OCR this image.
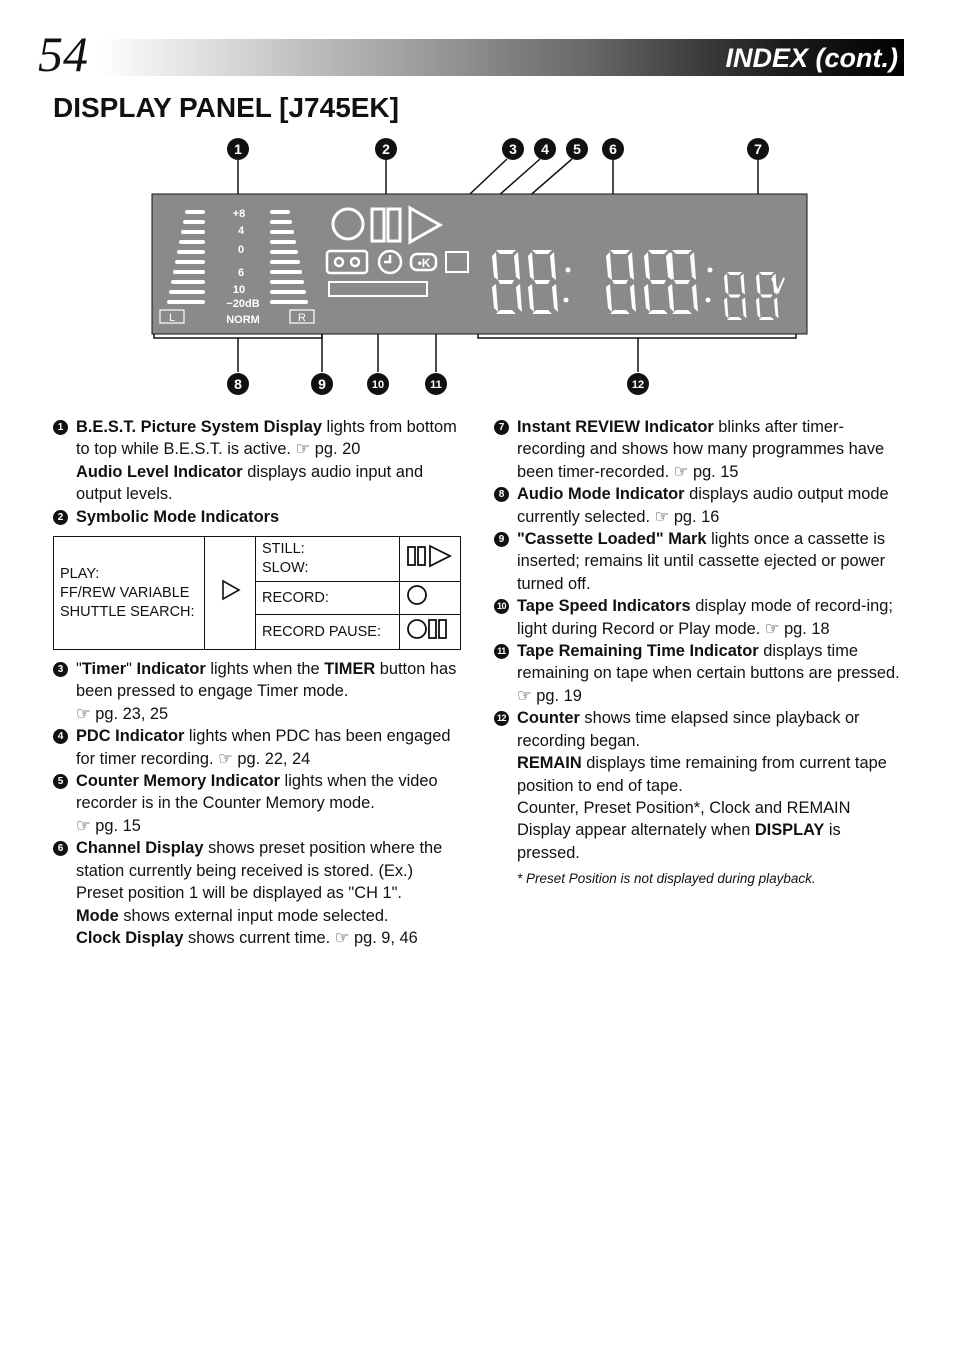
54	INDEX (cont.)
DISPLAY PANEL [J745EK]
1	2	3 4 5 6	7
8	9	10	11	12
+8
4
0
6
10
−20dB
NORM
L	R
•K
1 B.E.S.T. Picture System Display lights from bottom to top while B.E.S.T. is active. ☞ pg. 20
Audio Level Indicator displays audio input and output levels.
2 Symbolic Mode Indicators
PLAY:
FF/REW VARIABLE
SHUTTLE SEARCH:		STILL:
SLOW:

		RECORD:	
		RECORD PAUSE:	
3 "Timer" Indicator lights when the TIMER button has been pressed to engage Timer mode.
☞ pg. 23, 25
4 PDC Indicator lights when PDC has been engaged for timer recording. ☞ pg. 22, 24
5 Counter Memory Indicator lights when the video recorder is in the Counter Memory mode.
☞ pg. 15
6 Channel Display shows preset position where the station currently being received is stored. (Ex.) Preset position 1 will be displayed as "CH 1".
Mode shows external input mode selected.
Clock Display shows current time. ☞ pg. 9, 46
7 Instant REVIEW Indicator blinks after timer-recording and shows how many programmes have been timer-recorded. ☞ pg. 15
8 Audio Mode Indicator displays audio output mode currently selected. ☞ pg. 16
9 "Cassette Loaded" Mark lights once a cassette is inserted; remains lit until cassette ejected or power turned off.
10 Tape Speed Indicators display mode of record-ing; light during Record or Play mode. ☞ pg. 18
11 Tape Remaining Time Indicator displays time remaining on tape when certain buttons are pressed. ☞ pg. 19
12 Counter shows time elapsed since playback or recording began.
REMAIN displays time remaining from current tape position to end of tape.
Counter, Preset Position*, Clock and REMAIN Display appear alternately when DISPLAY is pressed.
* Preset Position is not displayed during playback.
